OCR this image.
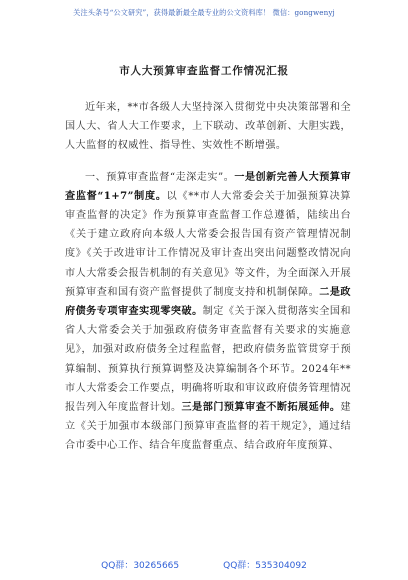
关注头条号“公文研究”，获得最新最全最专业的公文资料库！ 微信：gongwenyj
市人大预算审查监督工作情况汇报

近年来，**市各级人大坚持深入贯彻党中央决策部署和全国人大、省人大工作要求，上下联动、改革创新、大胆实践，人大监督的权威性、指导性、实效性不断增强。

一、预算审查监督“走深走实”。一是创新完善人大预算审查监督“1+7”制度。以《**市人大常委会关于加强预算决算审查监督的决定》作为预算审查监督工作总遵循，陆续出台《关于建立政府向本级人大常委会报告国有资产管理情况制度》《关于改进审计工作情况及审计查出突出问题整改情况向市人大常委会报告机制的有关意见》等文件，为全面深入开展预算审查和国有资产监督提供了制度支持和机制保障。二是政府债务专项审查实现零突破。制定《关于深入贯彻落实全国和省人大常委会关于加强政府债务审查监督有关要求的实施意见》，加强对政府债务全过程监督，把政府债务监管贯穿于预算编制、预算执行预算调整及决算编制各个环节。2024年**市人大常委会工作要点，明确将听取和审议政府债务管理情况报告列入年度监督计划。三是部门预算审查不断拓展延伸。建立《关于加强市本级部门预算审查监督的若干规定》，通过结合市委中心工作、结合年度监督重点、结合政府年度预算、

QQ群：30265665	QQ群：535304092
